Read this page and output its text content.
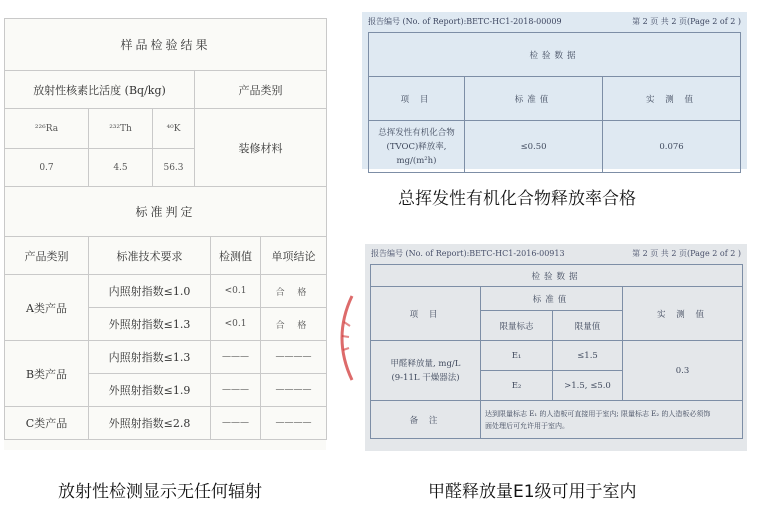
样品检验结果			
放射性核素比活度 (Bq/kg)			产品类别
²²⁶Ra	²³²Th	⁴⁰K	装修材料
0.7	4.5	56.3	
标准判定			
产品类别	标准技术要求	检测值	单项结论
A类产品	内照射指数≤1.0	<0.1	合 格
	外照射指数≤1.3	<0.1	合 格
B类产品	内照射指数≤1.3	———	————
	外照射指数≤1.9	———	————
C类产品	外照射指数≤2.8	———	————
报告编号 (No. of Report):BETC-HC1-2018-00009	第 2 页 共 2 页(Page 2 of 2 )
检验数据		
项 目	标准值	实 测 值

总挥发性有机化合物
(TVOC)释放率,
mg/(m²h)	≤0.50	0.076
报告编号 (No. of Report):BETC-HC1-2016-00913	第 2 页 共 2 页(Page 2 of 2 )
检验数据			
项 目	标准值		实 测 值
	限量标志	限量值	

甲醛释放量, mg/L
(9-11L 干燥器法)	E₁	≤1.5	0.3
	E₂	>1.5, ≤5.0	
备 注	达到限量标志 E₁ 的人造板可直接用于室内; 限量标志 E₂ 的人造板必须饰
面处理后可允许用于室内。		
放射性检测显示无任何辐射
总挥发性有机化合物释放率合格
甲醛释放量E1级可用于室内
